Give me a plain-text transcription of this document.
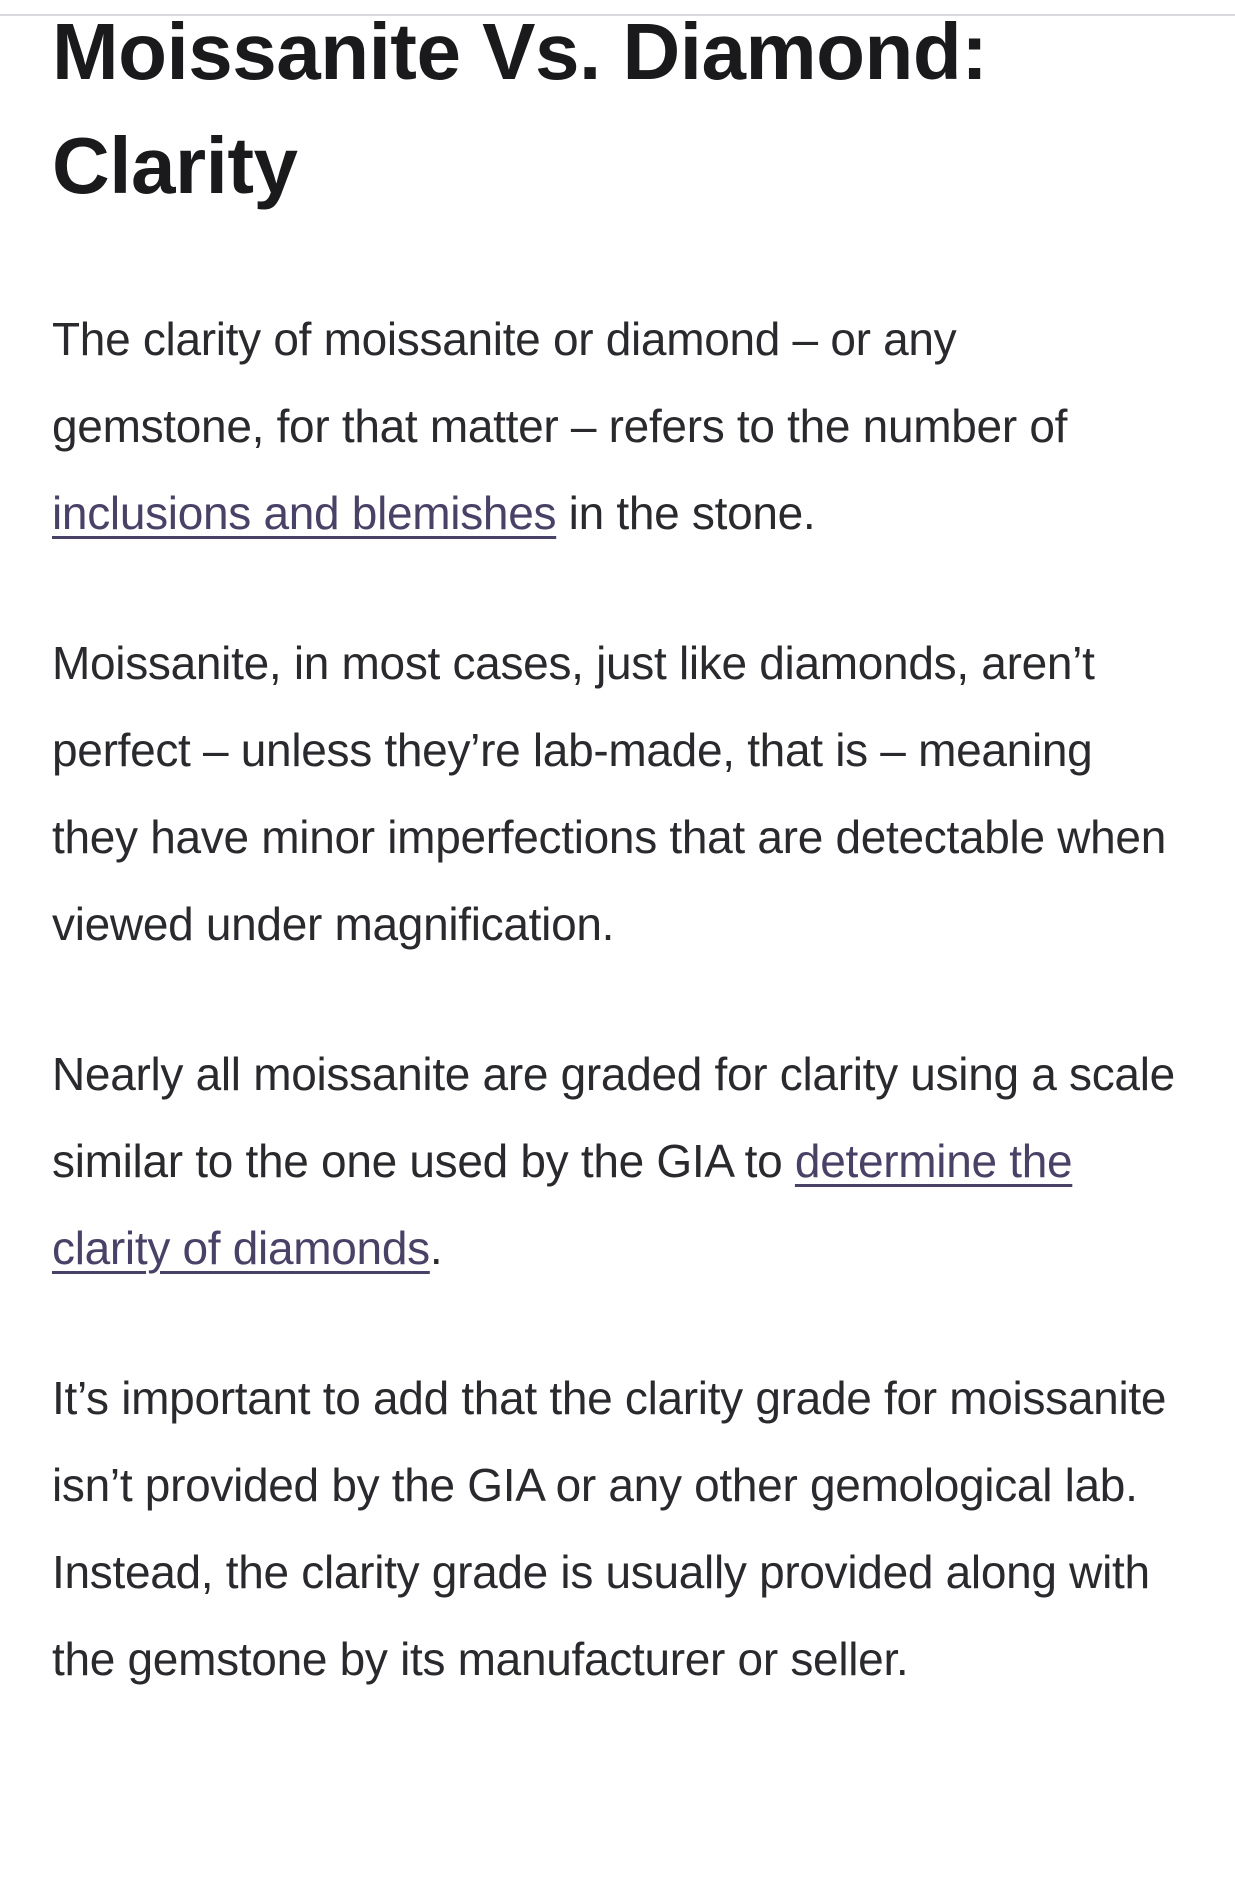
Moissanite Vs. Diamond: Clarity

The clarity of moissanite or diamond – or any gemstone, for that matter – refers to the number of inclusions and blemishes in the stone.

Moissanite, in most cases, just like diamonds, aren’t perfect – unless they’re lab-made, that is – meaning they have minor imperfections that are detectable when viewed under magnification.

Nearly all moissanite are graded for clarity using a scale similar to the one used by the GIA to determine the clarity of diamonds.

It’s important to add that the clarity grade for moissanite isn’t provided by the GIA or any other gemological lab. Instead, the clarity grade is usually provided along with the gemstone by its manufacturer or seller.
